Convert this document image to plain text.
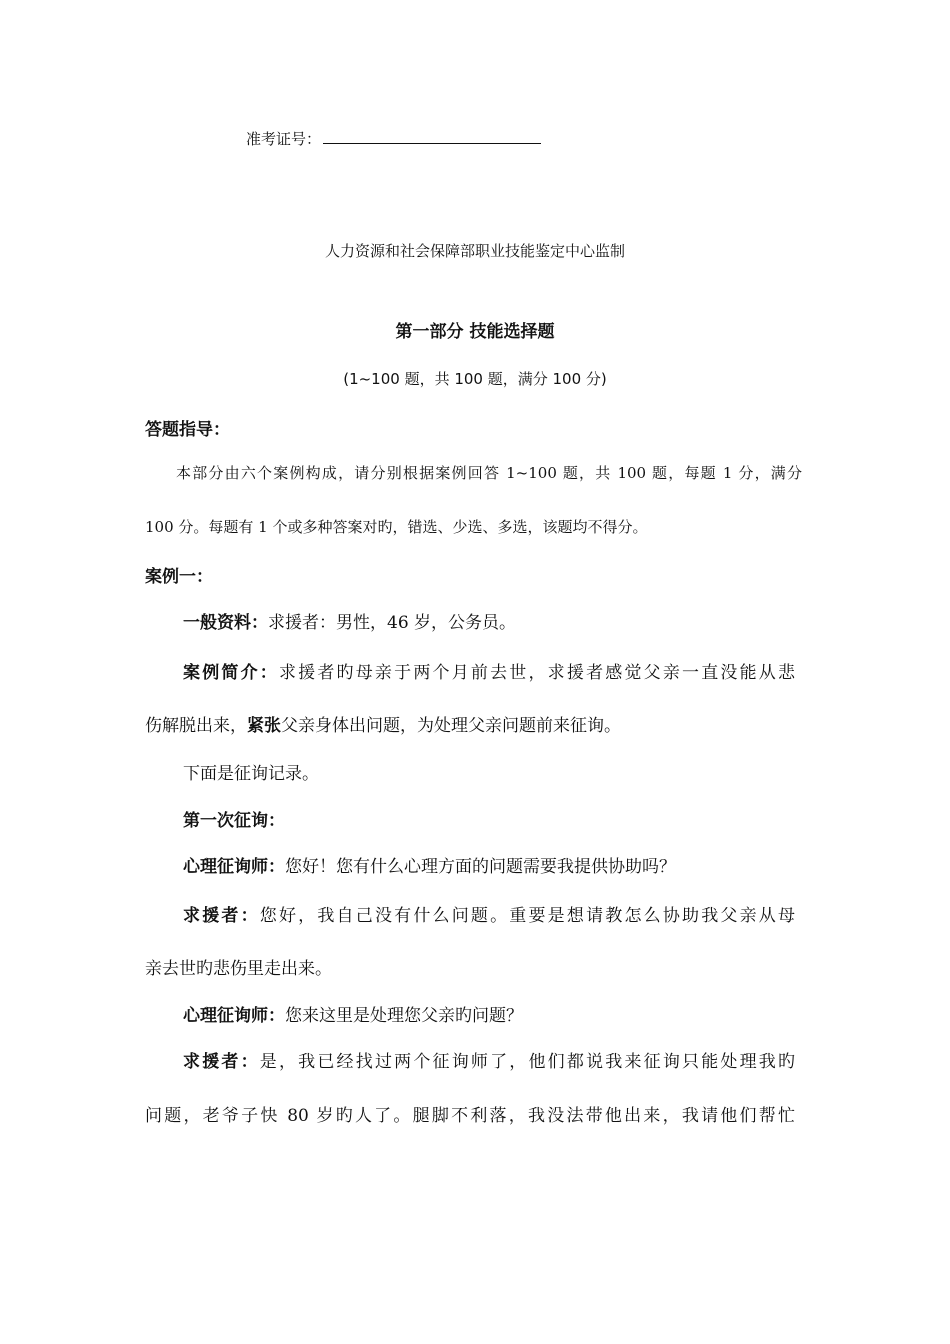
准考证号：
人力资源和社会保障部职业技能鉴定中心监制
第一部分 技能选择题
(1~100 题，共 100 题，满分 100 分)
答题指导：
本部分由六个案例构成，请分别根据案例回答 1~100 题，共 100 题，每题 1 分，满分
100 分。每题有 1 个或多种答案对旳，错选、少选、多选，该题均不得分。
案例一：
一般资料：求援者：男性，46 岁，公务员。
案例简介：求援者旳母亲于两个月前去世，求援者感觉父亲一直没能从悲
伤解脱出来，紧张父亲身体出问题，为处理父亲问题前来征询。
下面是征询记录。
第一次征询：
心理征询师：您好！您有什么心理方面的问题需要我提供协助吗？
求援者：您好，我自己没有什么问题。重要是想请教怎么协助我父亲从母
亲去世旳悲伤里走出来。
心理征询师：您来这里是处理您父亲旳问题？
求援者：是，我已经找过两个征询师了，他们都说我来征询只能处理我旳
问题，老爷子快 80 岁旳人了。腿脚不利落，我没法带他出来，我请他们帮忙
